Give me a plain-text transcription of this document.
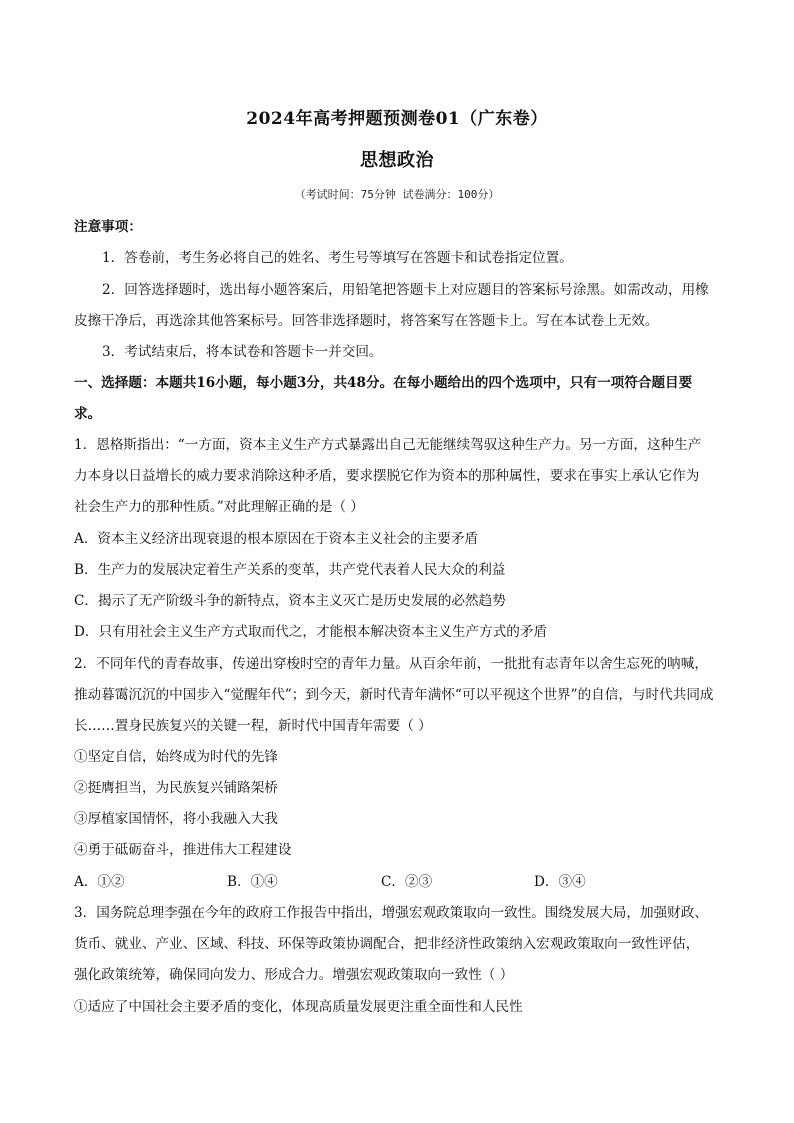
2024年高考押题预测卷01（广东卷）
思想政治
（考试时间：75分钟 试卷满分：100分）
注意事项：
1．答卷前，考生务必将自己的姓名、考生号等填写在答题卡和试卷指定位置。
2．回答选择题时，选出每小题答案后，用铅笔把答题卡上对应题目的答案标号涂黑。如需改动，用橡
皮擦干净后，再选涂其他答案标号。回答非选择题时，将答案写在答题卡上。写在本试卷上无效。
3．考试结束后，将本试卷和答题卡一并交回。
一、选择题：本题共16小题，每小题3分，共48分。在每小题给出的四个选项中，只有一项符合题目要
求。
1．恩格斯指出：“一方面，资本主义生产方式暴露出自己无能继续驾驭这种生产力。另一方面，这种生产
力本身以日益增长的威力要求消除这种矛盾，要求摆脱它作为资本的那种属性，要求在事实上承认它作为
社会生产力的那种性质。”对此理解正确的是（ ）
A．资本主义经济出现衰退的根本原因在于资本主义社会的主要矛盾
B．生产力的发展决定着生产关系的变革，共产党代表着人民大众的利益
C．揭示了无产阶级斗争的新特点，资本主义灭亡是历史发展的必然趋势
D．只有用社会主义生产方式取而代之，才能根本解决资本主义生产方式的矛盾
2．不同年代的青春故事，传递出穿梭时空的青年力量。从百余年前，一批批有志青年以舍生忘死的呐喊，
推动暮霭沉沉的中国步入“觉醒年代”；到今天，新时代青年满怀“可以平视这个世界”的自信，与时代共同成
长……置身民族复兴的关键一程，新时代中国青年需要（ ）
①坚定自信，始终成为时代的先锋
②挺膺担当，为民族复兴铺路架桥
③厚植家国情怀，将小我融入大我
④勇于砥砺奋斗，推进伟大工程建设
A．①②	B．①④	C．②③	D．③④
3．国务院总理李强在今年的政府工作报告中指出，增强宏观政策取向一致性。围绕发展大局，加强财政、
货币、就业、产业、区域、科技、环保等政策协调配合，把非经济性政策纳入宏观政策取向一致性评估，
强化政策统筹，确保同向发力、形成合力。增强宏观政策取向一致性（ ）
①适应了中国社会主要矛盾的变化，体现高质量发展更注重全面性和人民性
